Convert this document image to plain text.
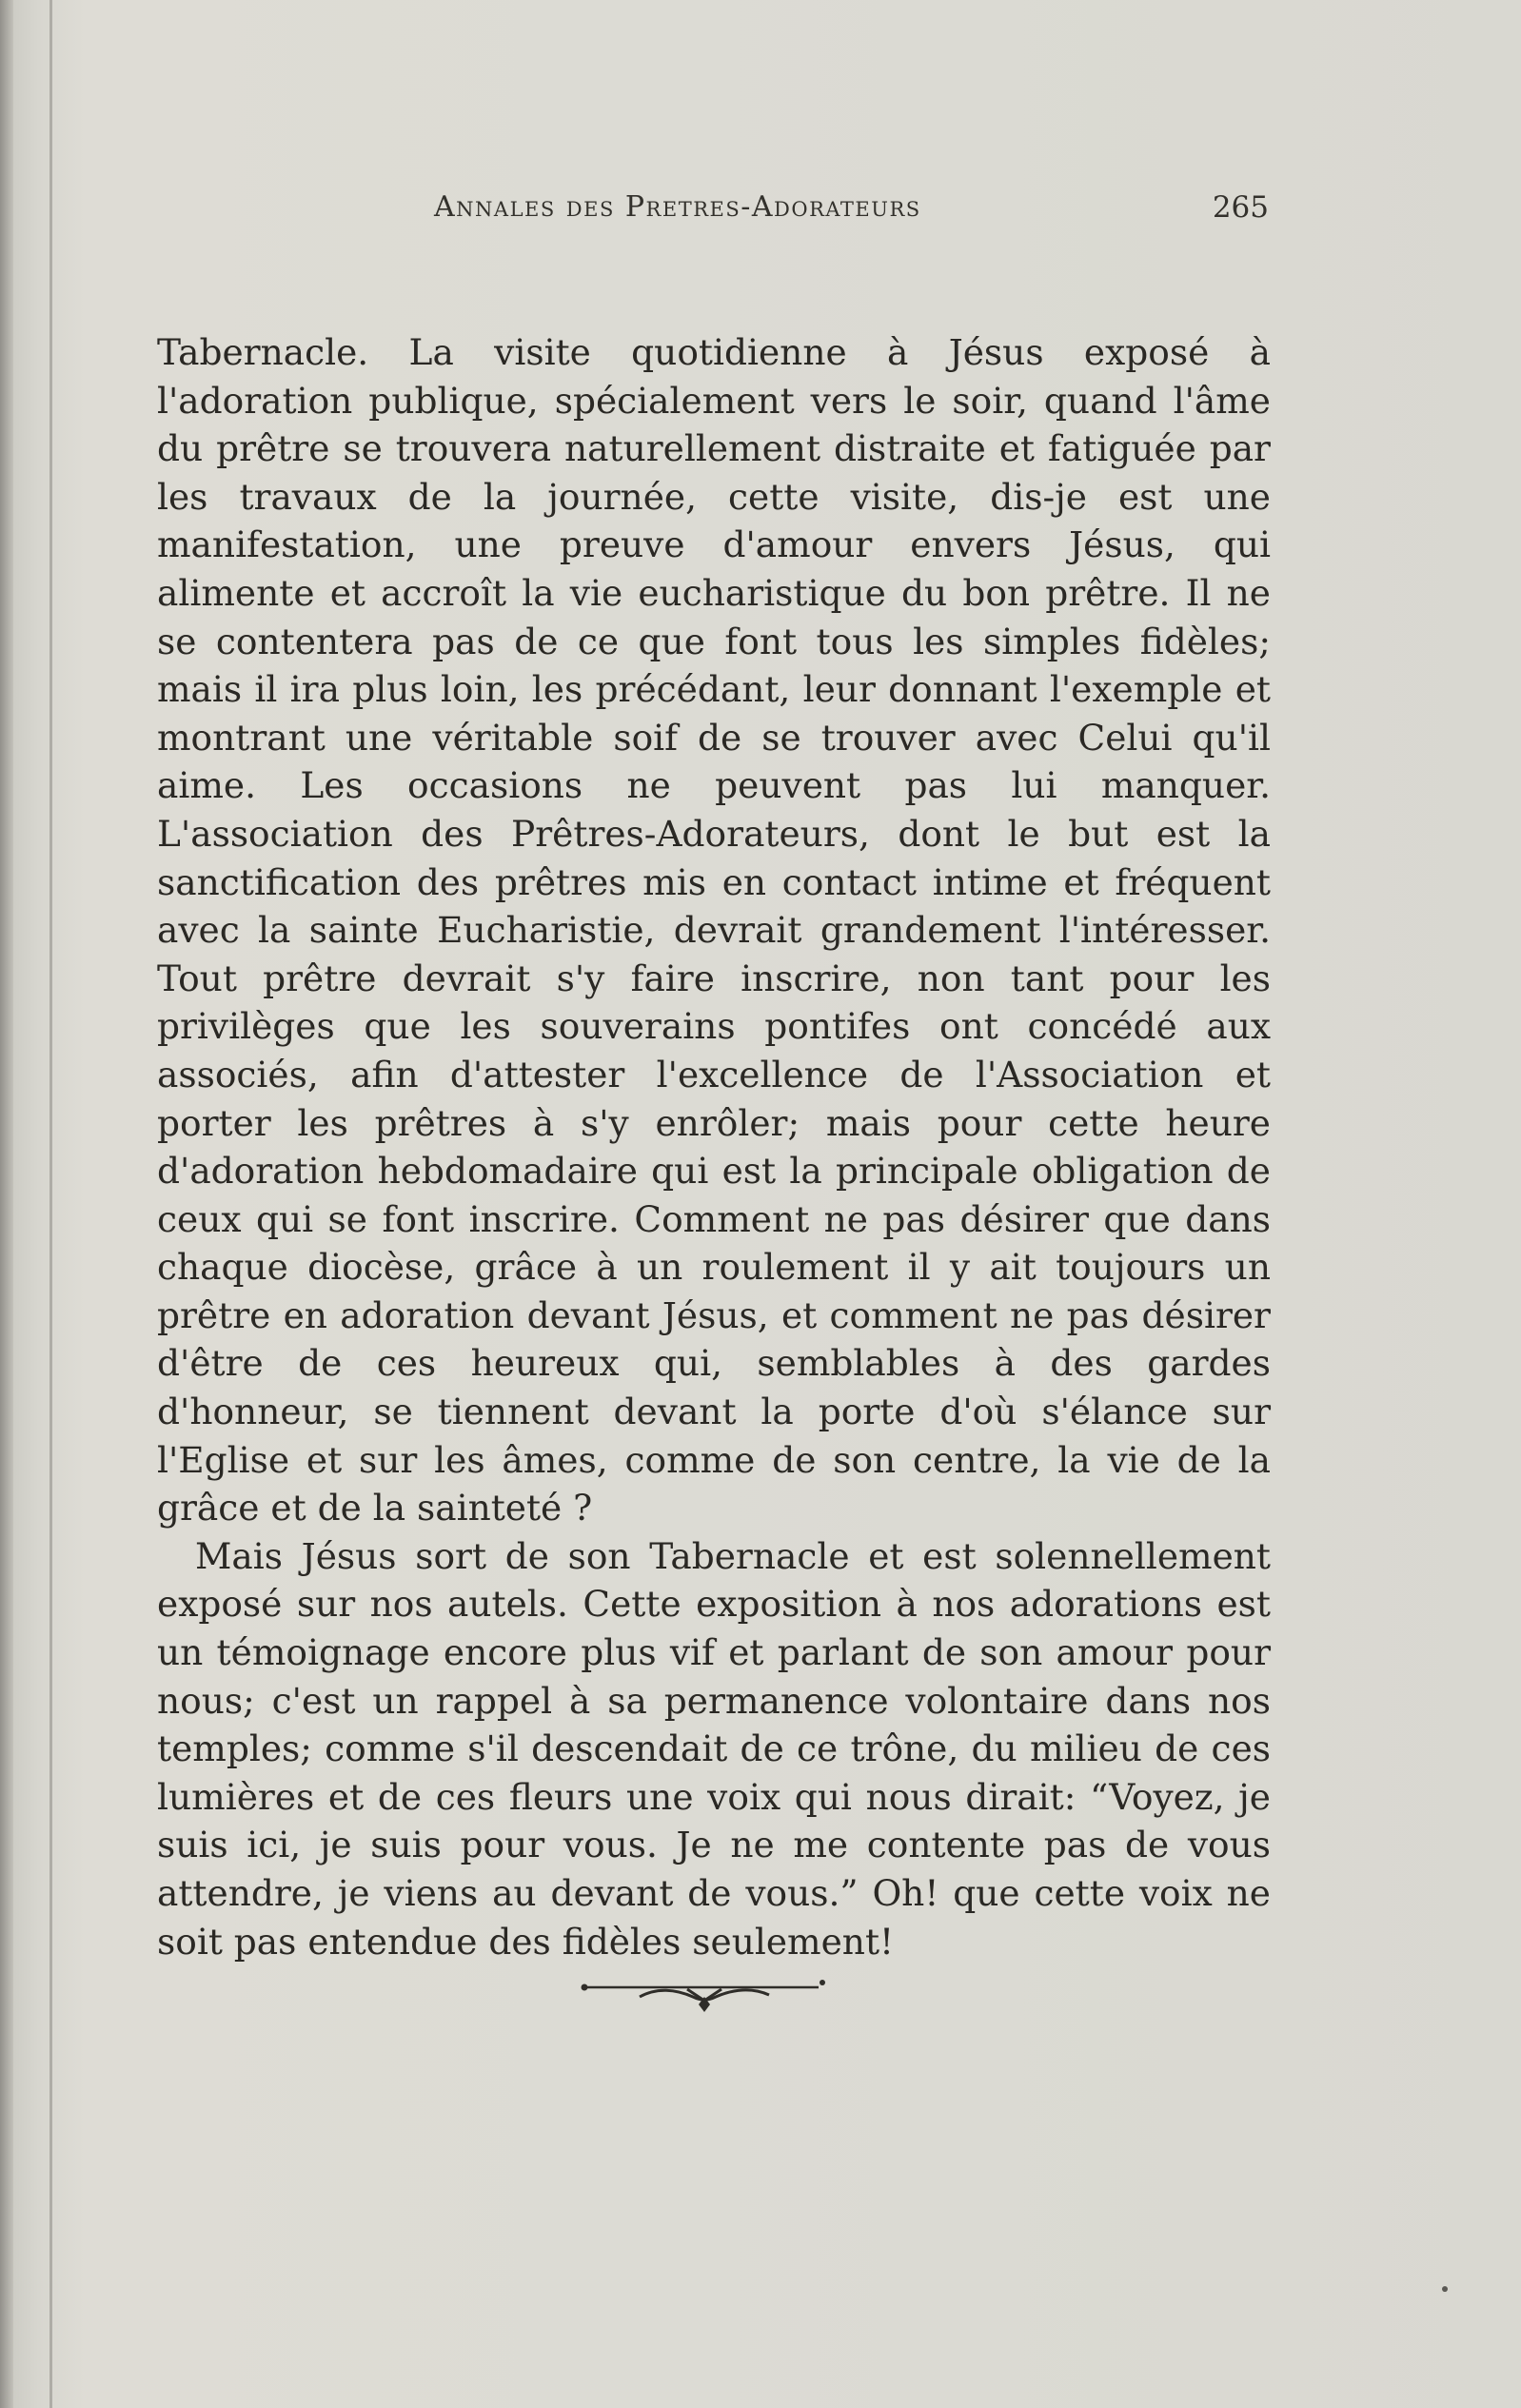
Annales des Pretres-Adorateurs	265

Tabernacle. La visite quotidienne à Jésus exposé à l'adoration publique, spécialement vers le soir, quand l'âme du prêtre se trouvera naturellement distraite et fatiguée par les travaux de la journée, cette visite, dis-je est une manifestation, une preuve d'amour envers Jésus, qui alimente et accroît la vie eucharistique du bon prêtre. Il ne se contentera pas de ce que font tous les simples fidèles; mais il ira plus loin, les précédant, leur donnant l'exemple et montrant une véritable soif de se trouver avec Celui qu'il aime. Les occasions ne peuvent pas lui manquer. L'association des Prêtres-Adorateurs, dont le but est la sanctification des prêtres mis en contact intime et fréquent avec la sainte Eucharistie, devrait grandement l'intéresser. Tout prêtre devrait s'y faire inscrire, non tant pour les privilèges que les souverains pontifes ont concédé aux associés, afin d'attester l'excellence de l'Association et porter les prêtres à s'y enrôler; mais pour cette heure d'adoration hebdomadaire qui est la principale obligation de ceux qui se font inscrire. Comment ne pas désirer que dans chaque diocèse, grâce à un roulement il y ait toujours un prêtre en adoration devant Jésus, et comment ne pas désirer d'être de ces heureux qui, semblables à des gardes d'honneur, se tiennent devant la porte d'où s'élance sur l'Eglise et sur les âmes, comme de son centre, la vie de la grâce et de la sainteté ?

Mais Jésus sort de son Tabernacle et est solennellement exposé sur nos autels. Cette exposition à nos adorations est un témoignage encore plus vif et parlant de son amour pour nous; c'est un rappel à sa permanence volontaire dans nos temples; comme s'il descendait de ce trône, du milieu de ces lumières et de ces fleurs une voix qui nous dirait: “Voyez, je suis ici, je suis pour vous. Je ne me contente pas de vous attendre, je viens au devant de vous.” Oh! que cette voix ne soit pas entendue des fidèles seulement!
